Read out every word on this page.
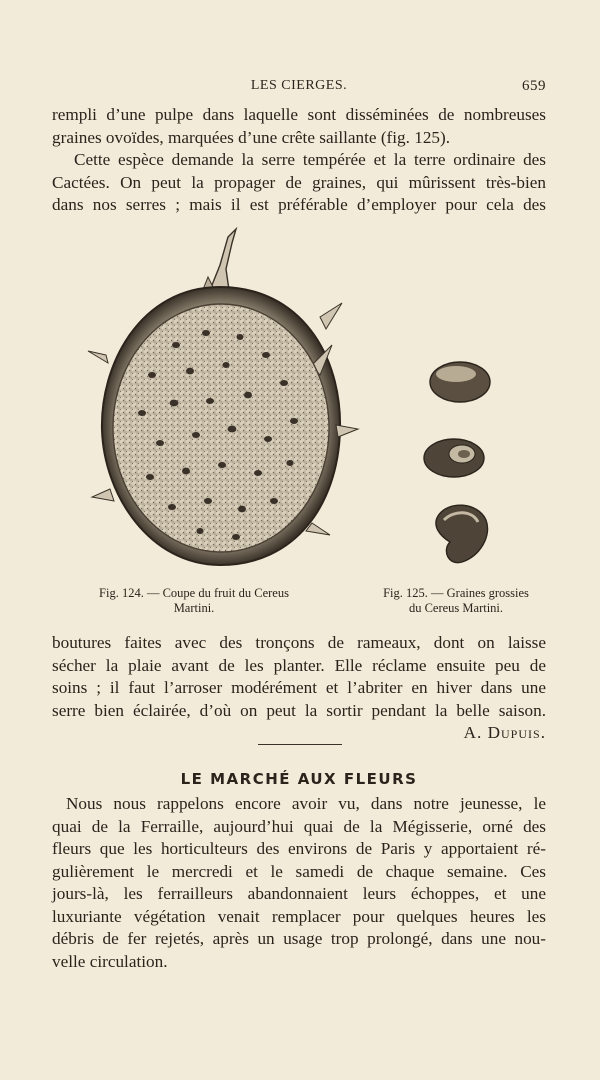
LES CIERGES.	659

rempli d’une pulpe dans laquelle sont disséminées de nombreuses
graines ovoïdes, marquées d’une crête saillante (fig. 125).

Cette espèce demande la serre tempérée et la terre ordinaire des
Cactées. On peut la propager de graines, qui mûrissent très-bien
dans nos serres ; mais il est préférable d’employer pour cela des

Fig. 124. — Coupe du fruit du Cereus
Martini.
Fig. 125. — Graines grossies
du Cereus Martini.

boutures faites avec des tronçons de rameaux, dont on laisse
sécher la plaie avant de les planter. Elle réclame ensuite peu de
soins ; il faut l’arroser modérément et l’abriter en hiver dans une
serre bien éclairée, d’où on peut la sortir pendant la belle saison.

A. Dupuis.

LE MARCHÉ AUX FLEURS

Nous nous rappelons encore avoir vu, dans notre jeunesse, le
quai de la Ferraille, aujourd’hui quai de la Mégisserie, orné des
fleurs que les horticulteurs des environs de Paris y apportaient ré-
gulièrement le mercredi et le samedi de chaque semaine. Ces
jours-là, les ferrailleurs abandonnaient leurs échoppes, et une
luxuriante végétation venait remplacer pour quelques heures les
débris de fer rejetés, après un usage trop prolongé, dans une nou-
velle circulation.
